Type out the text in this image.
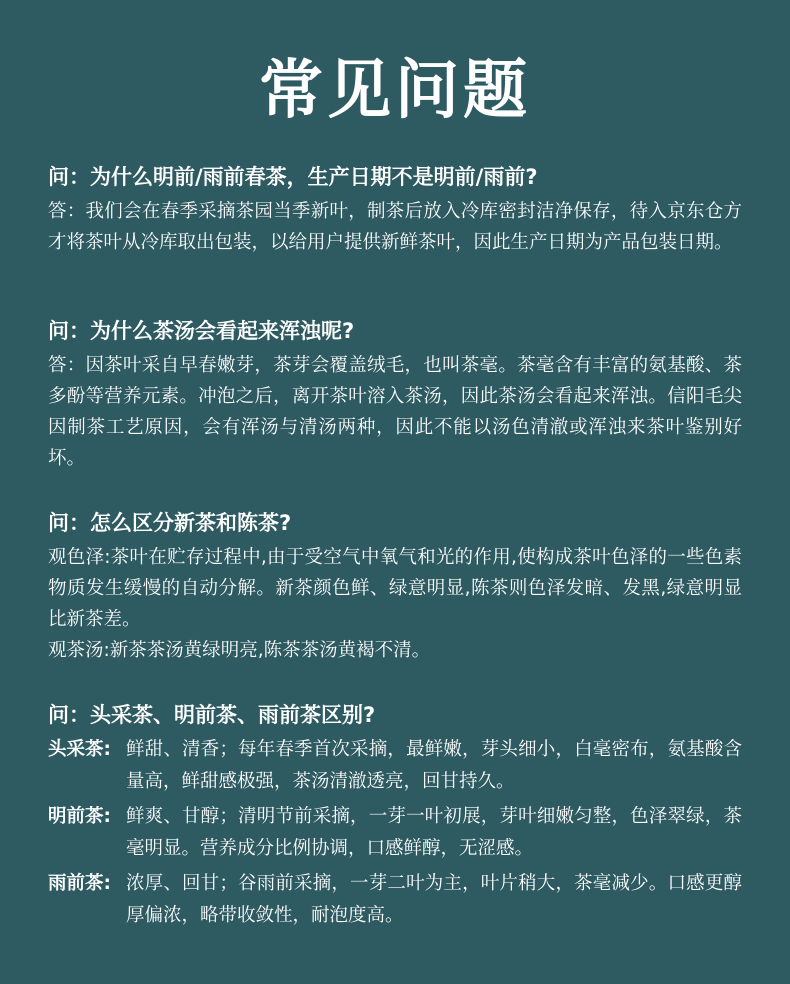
常见问题

问：为什么明前/雨前春茶，生产日期不是明前/雨前?

答：我们会在春季采摘茶园当季新叶，制茶后放入冷库密封洁净保存，待入京东仓方才将茶叶从冷库取出包装，以给用户提供新鲜茶叶，因此生产日期为产品包装日期。

问：为什么茶汤会看起来浑浊呢?

答：因茶叶采自早春嫩芽，茶芽会覆盖绒毛，也叫茶毫。茶毫含有丰富的氨基酸、茶多酚等营养元素。冲泡之后，离开茶叶溶入茶汤，因此茶汤会看起来浑浊。信阳毛尖因制茶工艺原因，会有浑汤与清汤两种，因此不能以汤色清澈或浑浊来茶叶鉴别好坏。

问：怎么区分新茶和陈茶?

观色泽:茶叶在贮存过程中,由于受空气中氧气和光的作用,使构成茶叶色泽的一些色素物质发生缓慢的自动分解。新茶颜色鲜、绿意明显,陈茶则色泽发暗、发黑,绿意明显比新茶差。

观茶汤:新茶茶汤黄绿明亮,陈茶茶汤黄褐不清。

问：头采茶、明前茶、雨前茶区别?

头采茶: 鲜甜、清香；每年春季首次采摘，最鲜嫩，芽头细小，白毫密布，氨基酸含量高，鲜甜感极强，茶汤清澈透亮，回甘持久。
明前茶: 鲜爽、甘醇；清明节前采摘，一芽一叶初展，芽叶细嫩匀整，色泽翠绿，茶毫明显。营养成分比例协调，口感鲜醇，无涩感。
雨前茶: 浓厚、回甘；谷雨前采摘，一芽二叶为主，叶片稍大，茶毫减少。口感更醇厚偏浓，略带收敛性，耐泡度高。
